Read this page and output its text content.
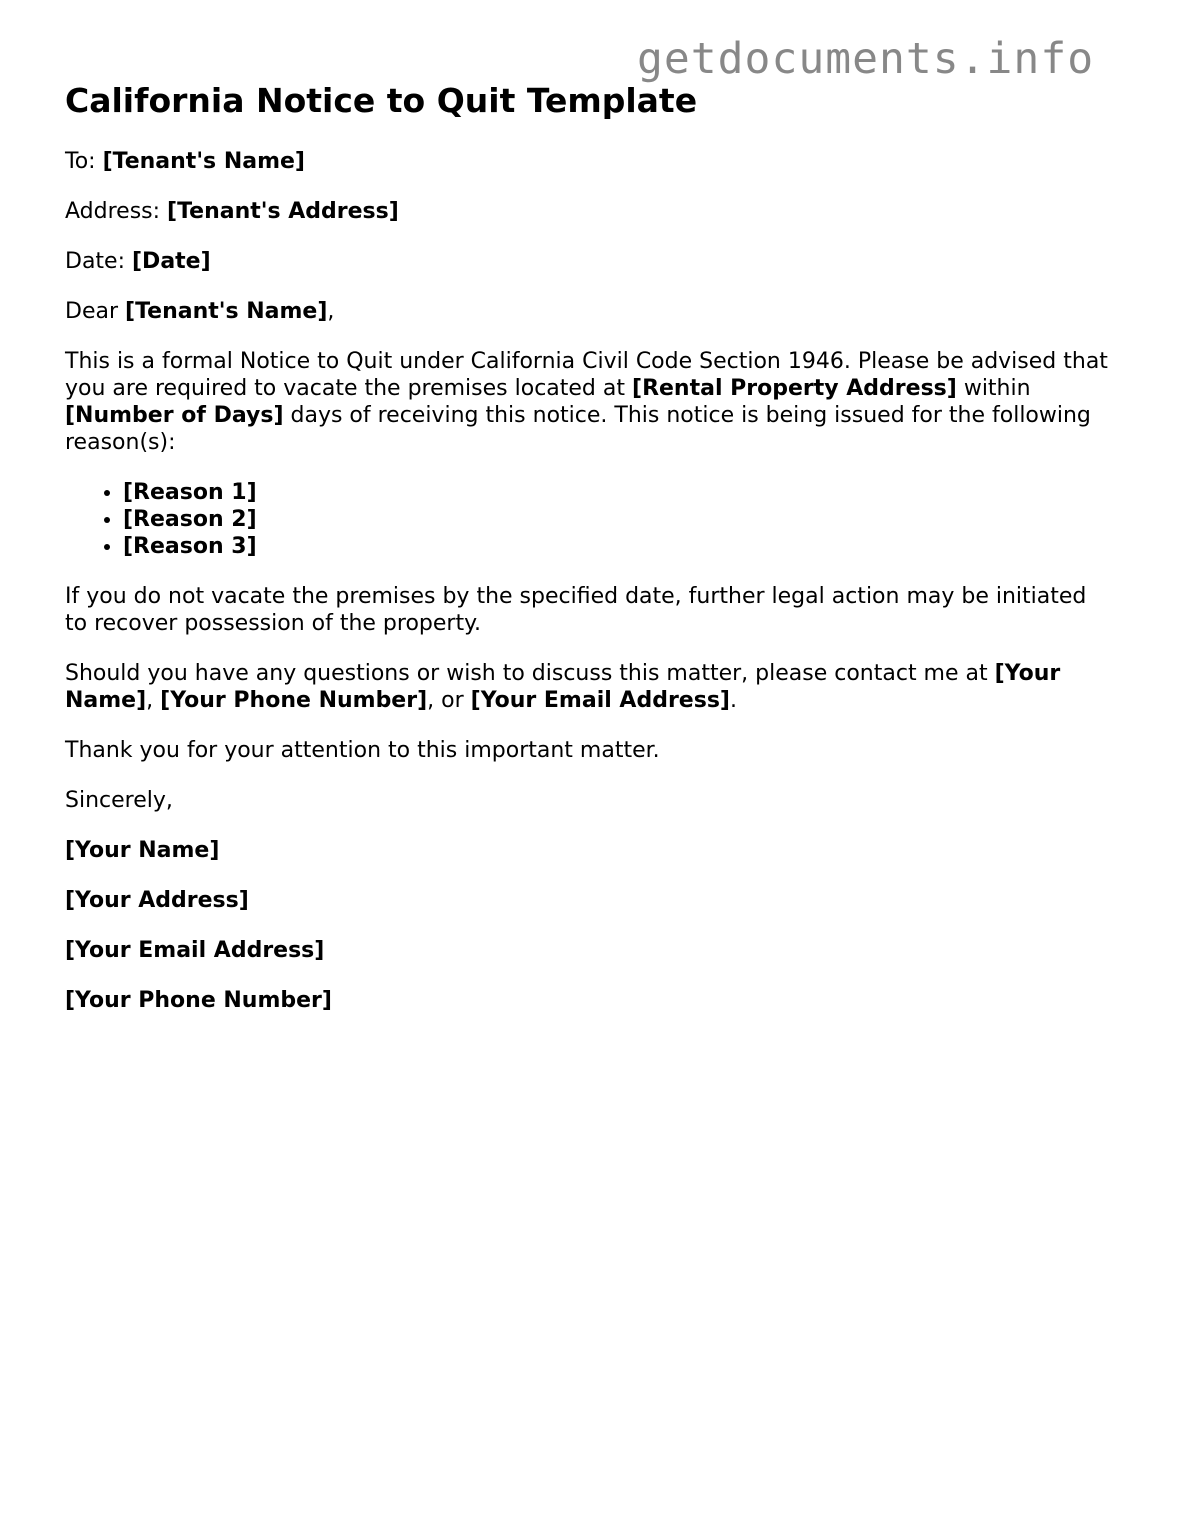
getdocuments.info
California Notice to Quit Template

To: [Tenant's Name]

Address: [Tenant's Address]

Date: [Date]

Dear [Tenant's Name],

This is a formal Notice to Quit under California Civil Code Section 1946. Please be advised that you are required to vacate the premises located at [Rental Property Address] within [Number of Days] days of receiving this notice. This notice is being issued for the following reason(s):

• [Reason 1]
• [Reason 2]
• [Reason 3]

If you do not vacate the premises by the specified date, further legal action may be initiated to recover possession of the property.

Should you have any questions or wish to discuss this matter, please contact me at [Your Name], [Your Phone Number], or [Your Email Address].

Thank you for your attention to this important matter.

Sincerely,

[Your Name]

[Your Address]

[Your Email Address]

[Your Phone Number]
